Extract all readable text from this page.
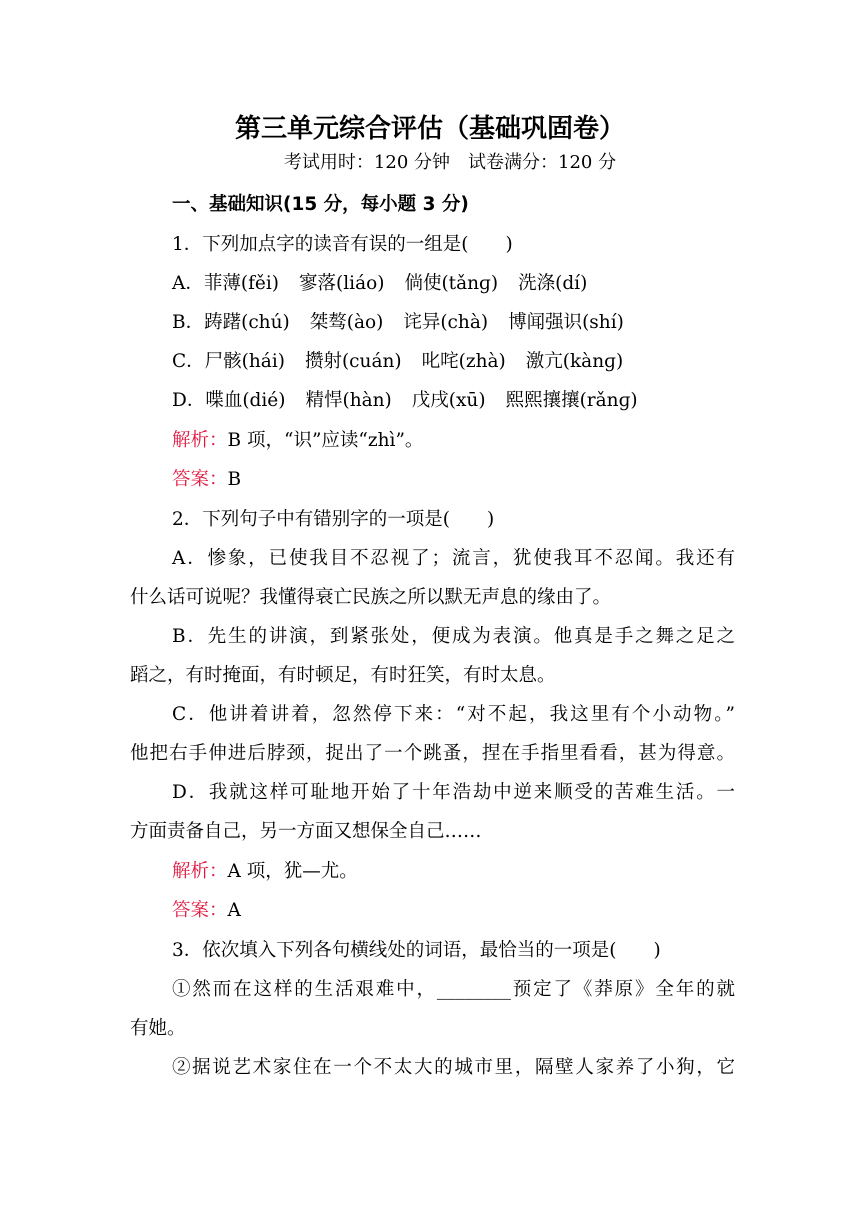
第三单元综合评估（基础巩固卷）
考试用时：120 分钟　试卷满分：120 分
一、基础知识(15 分，每小题 3 分)
1．下列加点字的读音有误的一组是(　　)
A．菲薄(fěi) 寥落(liáo) 倘使(tǎnɡ) 洗涤(dí)
B．踌躇(chú) 桀骜(ào) 诧异(chà) 博闻强识(shí)
C．尸骸(hái) 攒射(cuán) 叱咤(zhà) 激亢(kànɡ)
D．喋血(dié) 精悍(hàn) 戊戌(xū) 熙熙攘攘(rǎnɡ)
解析：B 项，“识”应读“zhì”。
答案：B
2．下列句子中有错别字的一项是(　　)
A．惨象，已使我目不忍视了；流言，犹使我耳不忍闻。我还有
什么话可说呢？我懂得衰亡民族之所以默无声息的缘由了。
B．先生的讲演，到紧张处，便成为表演。他真是手之舞之足之
蹈之，有时掩面，有时顿足，有时狂笑，有时太息。
C．他讲着讲着，忽然停下来：“对不起，我这里有个小动物。”
他把右手伸进后脖颈，捉出了一个跳蚤，捏在手指里看看，甚为得意。
D．我就这样可耻地开始了十年浩劫中逆来顺受的苦难生活。一
方面责备自己，另一方面又想保全自己……
解析：A 项，犹—尤。
答案：A
3．依次填入下列各句横线处的词语，最恰当的一项是(　　)
①然而在这样的生活艰难中，________预定了《莽原》全年的就
有她。
②据说艺术家住在一个不太大的城市里，隔壁人家养了小狗，它
